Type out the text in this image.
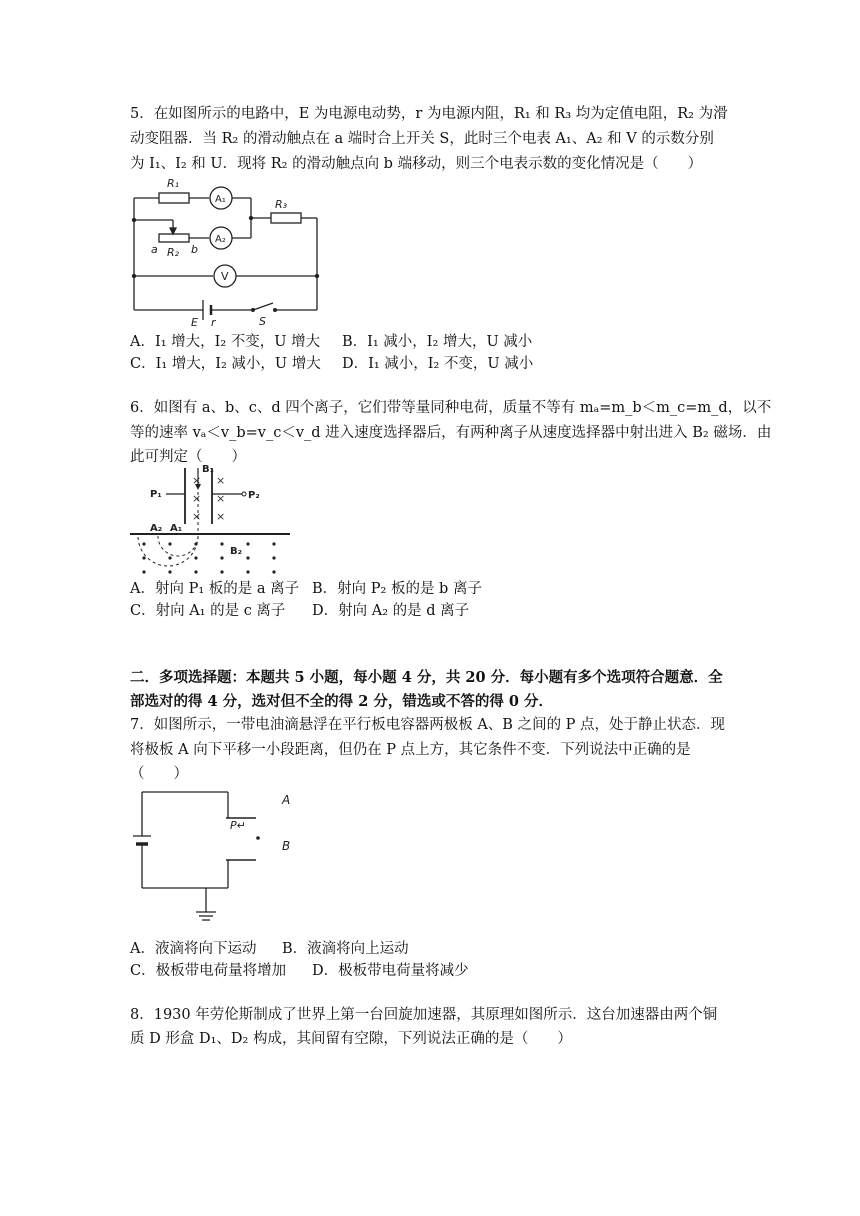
5．在如图所示的电路中，E 为电源电动势，r 为电源内阻，R₁ 和 R₃ 均为定值电阻，R₂ 为滑
动变阻器．当 R₂ 的滑动触点在 a 端时合上开关 S，此时三个电表 A₁、A₂ 和 V 的示数分别
为 I₁、I₂ 和 U．现将 R₂ 的滑动触点向 b 端移动，则三个电表示数的变化情况是（　　）
R₁
A₁	R₃
A₂
a R₂ b
V
E r	S
A．I₁ 增大，I₂ 不变，U 增大 B．I₁ 减小，I₂ 增大，U 减小
C．I₁ 增大，I₂ 减小，U 增大 D．I₁ 减小，I₂ 不变，U 减小
6．如图有 a、b、c、d 四个离子，它们带等量同种电荷，质量不等有 mₐ=m_b＜m_c=m_d，以不
等的速率 vₐ＜v_b=v_c＜v_d 进入速度选择器后，有两种离子从速度选择器中射出进入 B₂ 磁场．由
此可判定（　　）
× ×
× ×
× ×
P₁	P₂
B₁
B₂
A₁
A₂
A．射向 P₁ 板的是 a 离子 B．射向 P₂ 板的是 b 离子
C．射向 A₁ 的是 c 离子 D．射向 A₂ 的是 d 离子
二．多项选择题：本题共 5 小题，每小题 4 分，共 20 分．每小题有多个选项符合题意．全
部选对的得 4 分，选对但不全的得 2 分，错选或不答的得 0 分．
7．如图所示，一带电油滴悬浮在平行板电容器两极板 A、B 之间的 P 点，处于静止状态．现
将极板 A 向下平移一小段距离，但仍在 P 点上方，其它条件不变．下列说法中正确的是
（　　）
A
P↵
B
A．液滴将向下运动 B．液滴将向上运动
C．极板带电荷量将增加 D．极板带电荷量将减少
8．1930 年劳伦斯制成了世界上第一台回旋加速器，其原理如图所示．这台加速器由两个铜
质 D 形盒 D₁、D₂ 构成，其间留有空隙，下列说法正确的是（　　）
